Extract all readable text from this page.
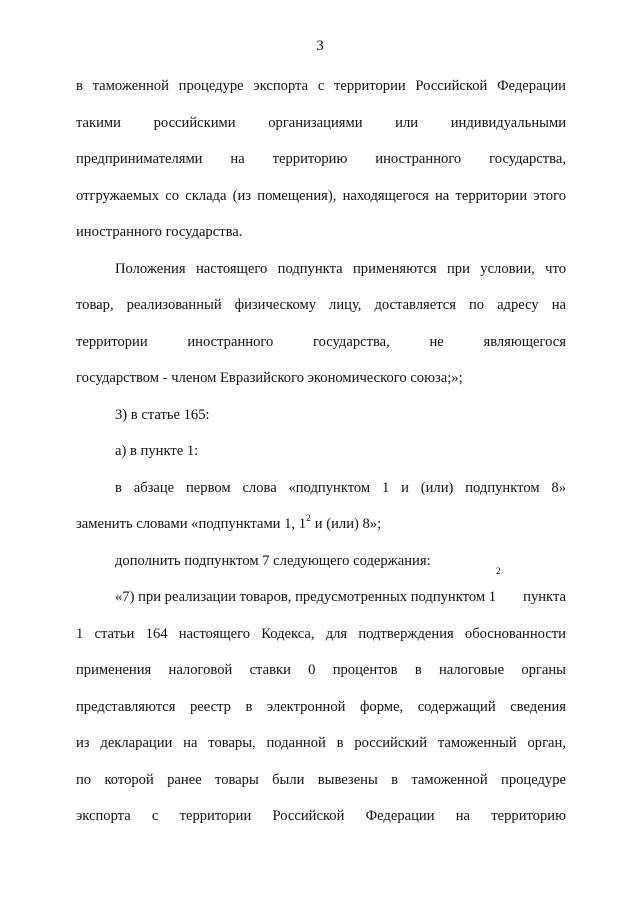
3
в таможенной процедуре экспорта с территории Российской Федерации
такими российскими организациями или индивидуальными
предпринимателями на территорию иностранного государства,
отгружаемых со склада (из помещения), находящегося на территории этого
иностранного государства.
Положения настоящего подпункта применяются при условии, что
товар, реализованный физическому лицу, доставляется по адресу на
территории иностранного государства, не являющегося
государством - членом Евразийского экономического союза;»;
3) в статье 165:
а) в пункте 1:
в абзаце первом слова «подпунктом 1 и (или) подпунктом 8»
заменить словами «подпунктами 1, $1^2$ и (или) 8»;
дополнить подпунктом 7 следующего содержания:
«7) при реализации товаров, предусмотренных подпунктом 1
2
пункта
1 статьи 164 настоящего Кодекса, для подтверждения обоснованности
применения налоговой ставки 0 процентов в налоговые органы
представляются реестр в электронной форме, содержащий сведения
из декларации на товары, поданной в российский таможенный орган,
по которой ранее товары были вывезены в таможенной процедуре
экспорта с территории Российской Федерации на территорию
